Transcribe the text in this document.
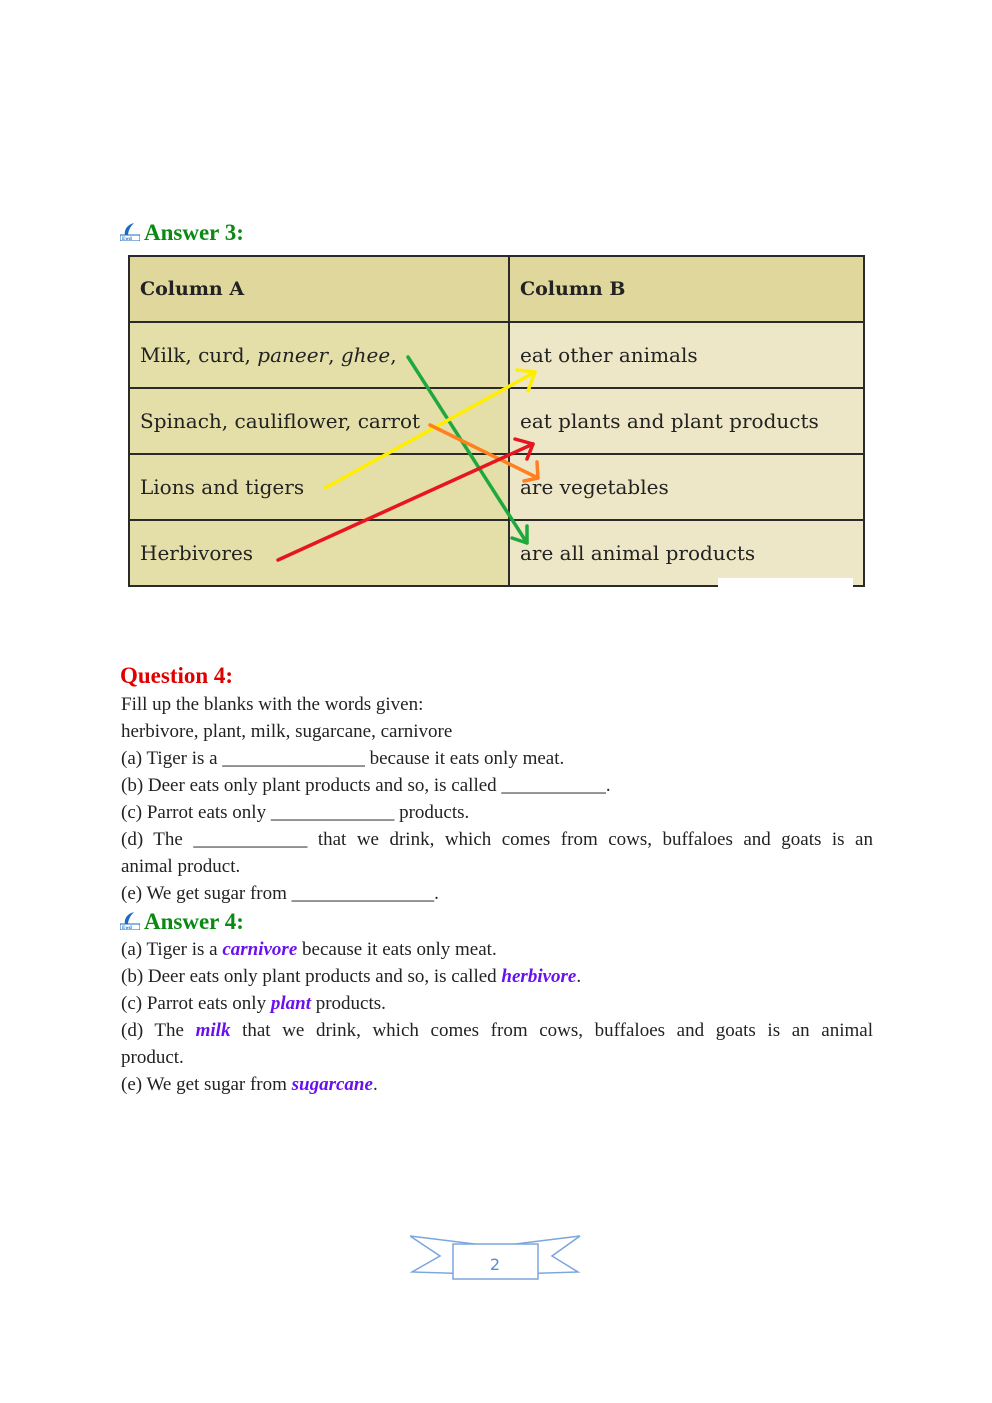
Ewd Answer 3:
Column A	Column B
Milk, curd, paneer, ghee,	eat other animals
Spinach, cauliflower, carrot	eat plants and plant products
Lions and tigers	are vegetables
Herbivores	are all animal products
Question 4:

Fill up the blanks with the words given:

herbivore, plant, milk, sugarcane, carnivore

(a) Tiger is a _______________ because it eats only meat.

(b) Deer eats only plant products and so, is called ___________.

(c) Parrot eats only _____________ products.

(d) The ____________ that we drink, which comes from cows, buffaloes and goats is an

animal product.

(e) We get sugar from _______________.

Ewd Answer 4:

(a) Tiger is a carnivore because it eats only meat.

(b) Deer eats only plant products and so, is called herbivore.

(c) Parrot eats only plant products.

(d) The milk that we drink, which comes from cows, buffaloes and goats is an animal

product.

(e) We get sugar from sugarcane.

2
